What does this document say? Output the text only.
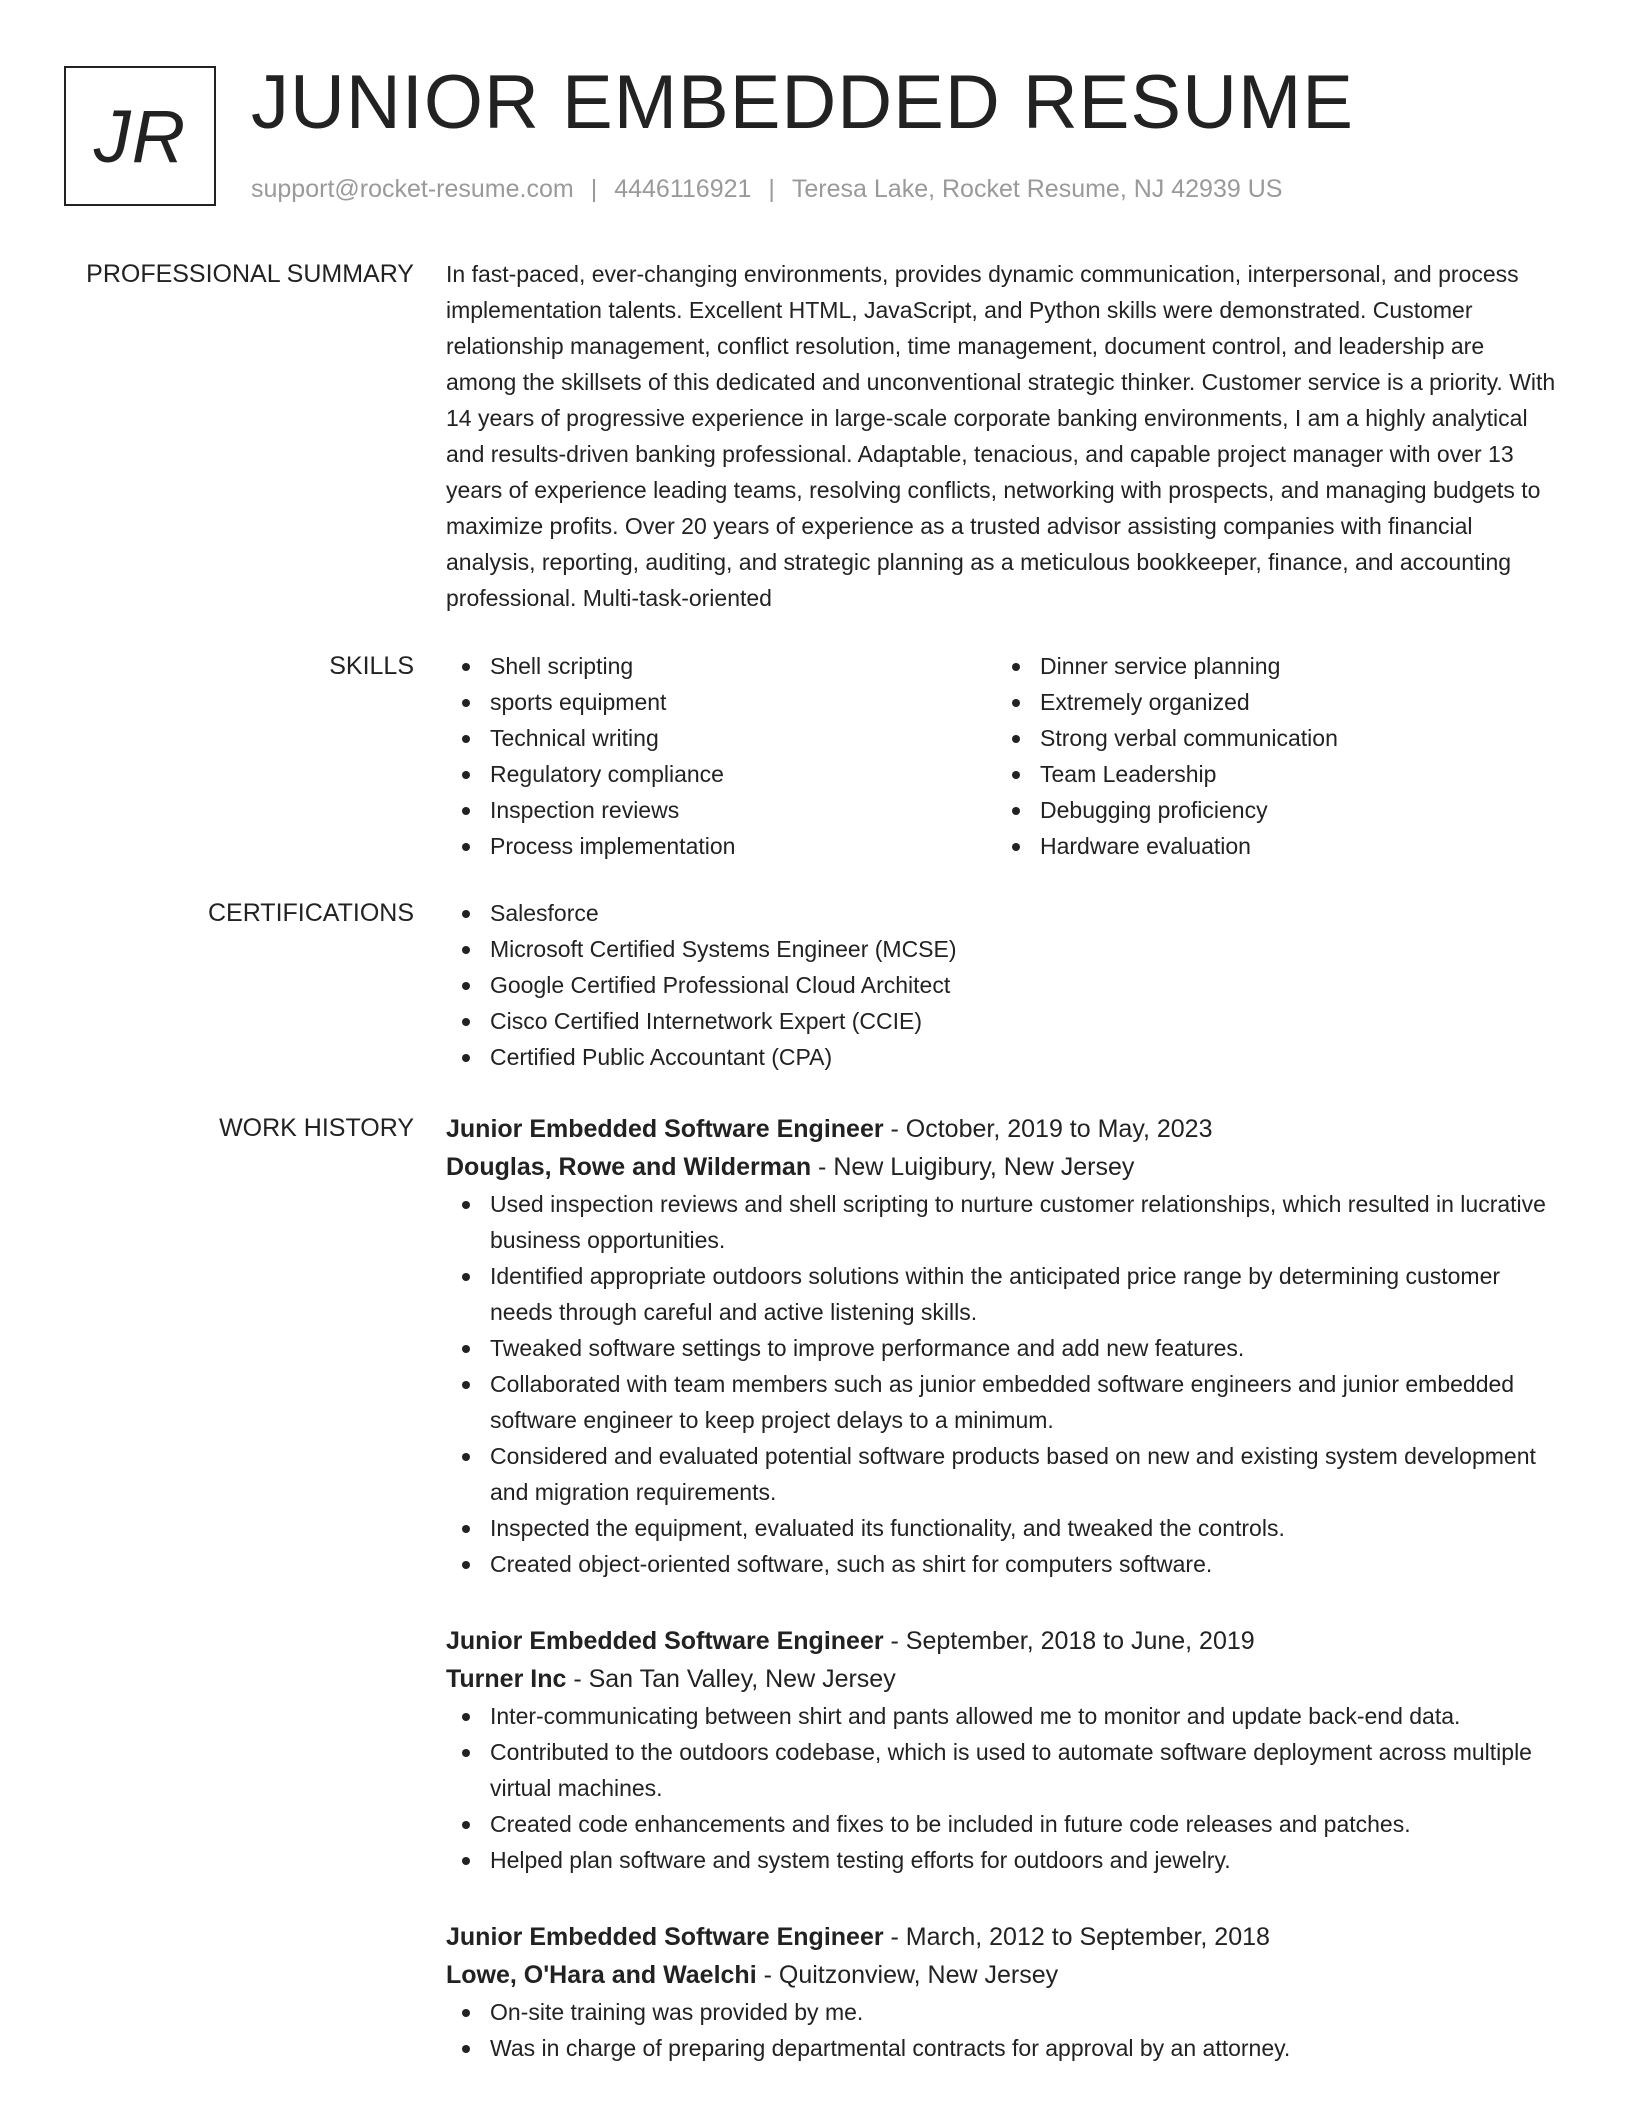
JR JUNIOR EMBEDDED RESUME
support@rocket-resume.com | 4446116921 | Teresa Lake, Rocket Resume, NJ 42939 US
PROFESSIONAL SUMMARY In fast-paced, ever-changing environments, provides dynamic communication, interpersonal, and process implementation talents. Excellent HTML, JavaScript, and Python skills were demonstrated. Customer relationship management, conflict resolution, time management, document control, and leadership are among the skillsets of this dedicated and unconventional strategic thinker. Customer service is a priority. With 14 years of progressive experience in large-scale corporate banking environments, I am a highly analytical and results-driven banking professional. Adaptable, tenacious, and capable project manager with over 13 years of experience leading teams, resolving conflicts, networking with prospects, and managing budgets to maximize profits. Over 20 years of experience as a trusted advisor assisting companies with financial analysis, reporting, auditing, and strategic planning as a meticulous bookkeeper, finance, and accounting professional. Multi-task-oriented

SKILLS	Shell scripting
sports equipment
Technical writing
Regulatory compliance
Inspection reviews
Process implementation
Dinner service planning
Extremely organized
Strong verbal communication
Team Leadership
Debugging proficiency
Hardware evaluation
CERTIFICATIONS	Salesforce
Microsoft Certified Systems Engineer (MCSE)
Google Certified Professional Cloud Architect
Cisco Certified Internetwork Expert (CCIE)
Certified Public Accountant (CPA)
WORK HISTORY Junior Embedded Software Engineer - October, 2019 to May, 2023
Douglas, Rowe and Wilderman - New Luigibury, New Jersey
Used inspection reviews and shell scripting to nurture customer relationships, which resulted in lucrative business opportunities.
Identified appropriate outdoors solutions within the anticipated price range by determining customer needs through careful and active listening skills.
Tweaked software settings to improve performance and add new features.
Collaborated with team members such as junior embedded software engineers and junior embedded software engineer to keep project delays to a minimum.
Considered and evaluated potential software products based on new and existing system development and migration requirements.
Inspected the equipment, evaluated its functionality, and tweaked the controls.
Created object-oriented software, such as shirt for computers software.
Junior Embedded Software Engineer - September, 2018 to June, 2019
Turner Inc - San Tan Valley, New Jersey
Inter-communicating between shirt and pants allowed me to monitor and update back-end data.
Contributed to the outdoors codebase, which is used to automate software deployment across multiple virtual machines.
Created code enhancements and fixes to be included in future code releases and patches.
Helped plan software and system testing efforts for outdoors and jewelry.
Junior Embedded Software Engineer - March, 2012 to September, 2018
Lowe, O'Hara and Waelchi - Quitzonview, New Jersey
On-site training was provided by me.
Was in charge of preparing departmental contracts for approval by an attorney.
